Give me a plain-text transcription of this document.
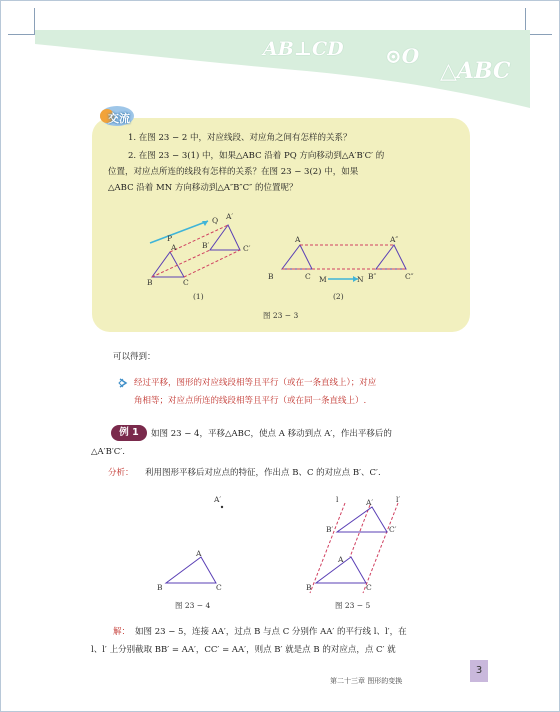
AB⊥CD ⊙O
△ABC
交流
1. 在图 23 − 2 中，对应线段、对应角之间有怎样的关系？
2. 在图 23 − 3(1) 中，如果△ABC 沿着 PQ 方向移动到△A′B′C′ 的
位置，对应点所连的线段有怎样的关系？在图 23 − 3(2) 中，如果
△ABC 沿着 MN 方向移动到△A″B″C″ 的位置呢？
P
Q A′
A	B′	C′
B	C
A	A″
B	C M	N B″	C″
(1)	(2)
图 23 − 3
可以得到：
经过平移，图形的对应线段相等且平行（或在一条直线上）；对应
角相等；对应点所连的线段相等且平行（或在同一条直线上）.
例 1	如图 23 − 4，平移△ABC，使点 A 移动到点 A′，作出平移后的
△A′B′C′.
分析： 利用图形平移后对应点的特征，作出点 B、C 的对应点 B′、C′.
A′
A
B	C
图 23 − 4
l	A′	l′
B′	C′
A
B	C
图 23 − 5
解： 如图 23 − 5，连接 AA′，过点 B 与点 C 分别作 AA′ 的平行线 l、l′，在
l、l′ 上分别截取 BB′ = AA′，CC′ = AA′，则点 B′ 就是点 B 的对应点，点 C′ 就
第二十三章 图形的变换
3
